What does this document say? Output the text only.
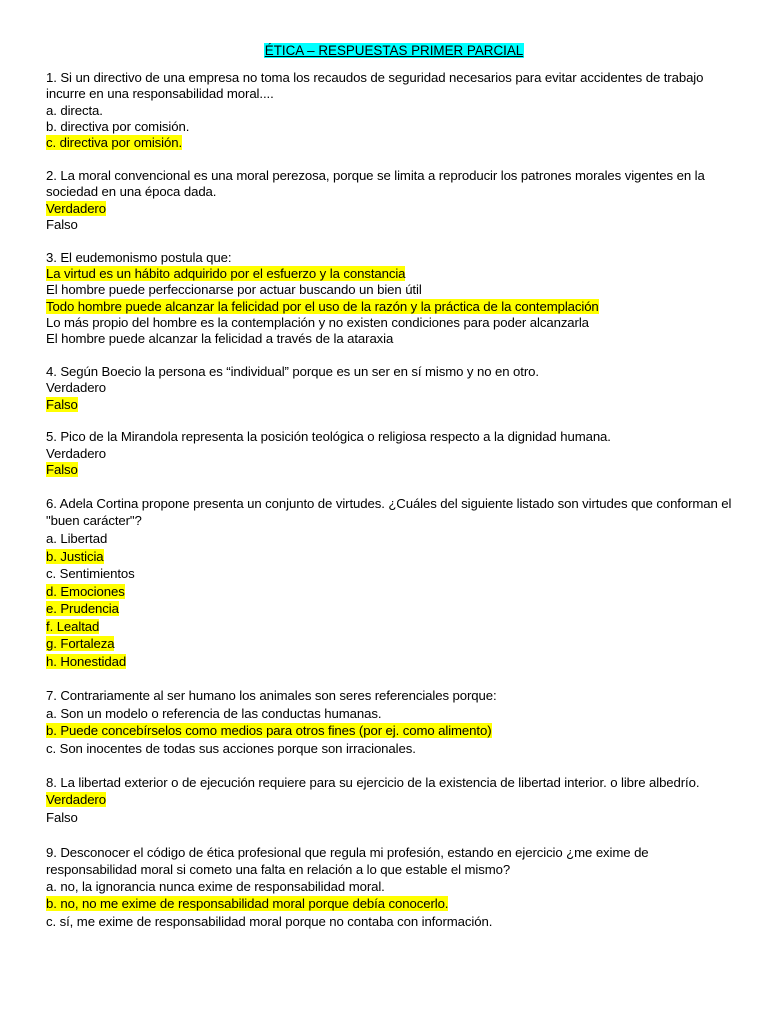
ÉTICA – RESPUESTAS PRIMER PARCIAL

1. Si un directivo de una empresa no toma los recaudos de seguridad necesarios para evitar accidentes de trabajo incurre en una responsabilidad moral....

a. directa.

b. directiva por comisión.

c. directiva por omisión.

2. La moral convencional es una moral perezosa, porque se limita a reproducir los patrones morales vigentes en la sociedad en una época dada.

Verdadero

Falso

3. El eudemonismo postula que:

La virtud es un hábito adquirido por el esfuerzo y la constancia

El hombre puede perfeccionarse por actuar buscando un bien útil

Todo hombre puede alcanzar la felicidad por el uso de la razón y la práctica de la contemplación

Lo más propio del hombre es la contemplación y no existen condiciones para poder alcanzarla

El hombre puede alcanzar la felicidad a través de la ataraxia

4. Según Boecio la persona es “individual” porque es un ser en sí mismo y no en otro.

Verdadero

Falso

5. Pico de la Mirandola representa la posición teológica o religiosa respecto a la dignidad humana.

Verdadero

Falso

6. Adela Cortina propone presenta un conjunto de virtudes. ¿Cuáles del siguiente listado son virtudes que conforman el "buen carácter"?

a. Libertad

b. Justicia

c. Sentimientos

d. Emociones

e. Prudencia

f. Lealtad

g. Fortaleza

h. Honestidad

7. Contrariamente al ser humano los animales son seres referenciales porque:

a. Son un modelo o referencia de las conductas humanas.

b. Puede concebírselos como medios para otros fines (por ej. como alimento)

c. Son inocentes de todas sus acciones porque son irracionales.

8. La libertad exterior o de ejecución requiere para su ejercicio de la existencia de libertad interior. o libre albedrío.

Verdadero

Falso

9. Desconocer el código de ética profesional que regula mi profesión, estando en ejercicio ¿me exime de responsabilidad moral si cometo una falta en relación a lo que estable el mismo?

a. no, la ignorancia nunca exime de responsabilidad moral.

b. no, no me exime de responsabilidad moral porque debía conocerlo.

c. sí, me exime de responsabilidad moral porque no contaba con información.
